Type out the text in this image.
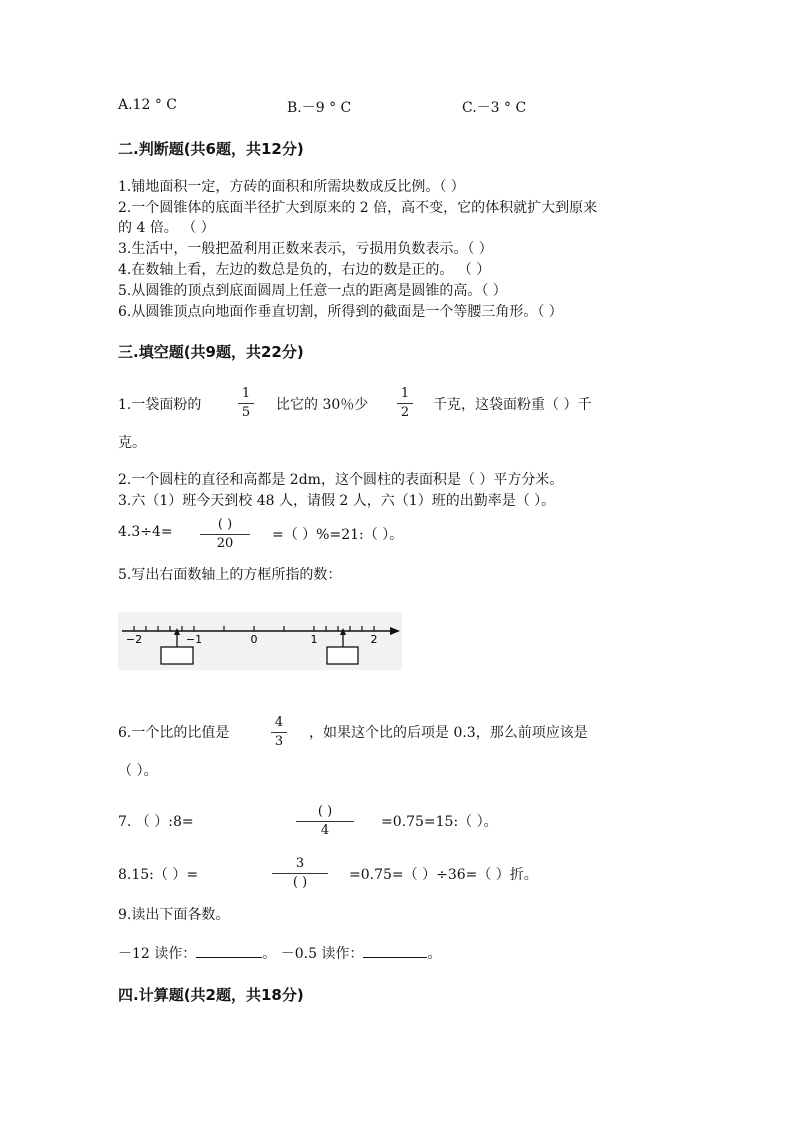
A.12 ° C	B.－9 ° C	C.－3 ° C
二.判断题(共6题，共12分)
1.铺地面积一定，方砖的面积和所需块数成反比例。（ ）
2.一个圆锥体的底面半径扩大到原来的 2 倍，高不变，它的体积就扩大到原来
的 4 倍。 （ ）
3.生活中，一般把盈利用正数来表示，亏损用负数表示。（ ）
4.在数轴上看，左边的数总是负的，右边的数是正的。 （ ）
5.从圆锥的顶点到底面圆周上任意一点的距离是圆锥的高。（ ）
6.从圆锥顶点向地面作垂直切割，所得到的截面是一个等腰三角形。（ ）
三.填空题(共9题，共22分)
1.一袋面粉的
1
5 比它的 30％少
1
2 千克，这袋面粉重（ ）千
克。
2.一个圆柱的直径和高都是 2dm，这个圆柱的表面积是（ ）平方分米。
3.六（1）班今天到校 48 人，请假 2 人，六（1）班的出勤率是（ ）。
4.3÷4=	( )
20
=（ ）%=21:（ ）。
5.写出右面数轴上的方框所指的数：
−2	−1	0	1	2
6.一个比的比值是
4
3
，如果这个比的后项是 0.3，那么前项应该是
（ ）。
7. （ ）:8=
( )
4
=0.75=15:（ ）。
8.15:（ ）=
3
( )	=0.75=（ ）÷36=（ ）折。
9.读出下面各数。
－12 读作：	。 －0.5 读作：	。
四.计算题(共2题，共18分)
